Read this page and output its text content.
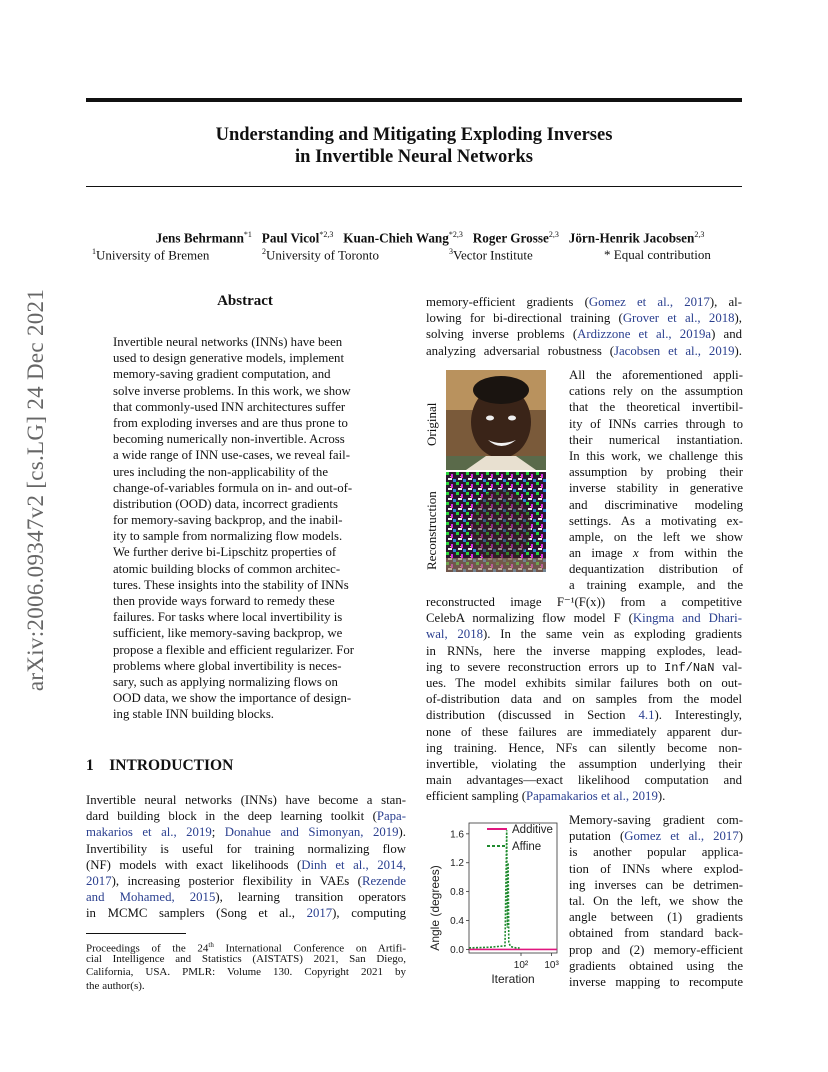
arXiv:2006.09347v2 [cs.LG] 24 Dec 2021
Understanding and Mitigating Exploding Inverses
in Invertible Neural Networks
Jens Behrmann$^{*1}$ Paul Vicol$^{*2,3}$ Kuan-Chieh Wang$^{*2,3}$ Roger Grosse$^{2,3}$ Jörn-Henrik Jacobsen$^{2,3}$
$^1$University of Bremen	$^2$University of Toronto	$^3$Vector Institute	* Equal contribution
Abstract
Invertible neural networks (INNs) have been
used to design generative models, implement
memory-saving gradient computation, and
solve inverse problems. In this work, we show
that commonly-used INN architectures suffer
from exploding inverses and are thus prone to
becoming numerically non-invertible. Across
a wide range of INN use-cases, we reveal fail-
ures including the non-applicability of the
change-of-variables formula on in- and out-of-
distribution (OOD) data, incorrect gradients
for memory-saving backprop, and the inabil-
ity to sample from normalizing flow models.
We further derive bi-Lipschitz properties of
atomic building blocks of common architec-
tures. These insights into the stability of INNs
then provide ways forward to remedy these
failures. For tasks where local invertibility is
sufficient, like memory-saving backprop, we
propose a flexible and efficient regularizer. For
problems where global invertibility is neces-
sary, such as applying normalizing flows on
OOD data, we show the importance of design-
ing stable INN building blocks.
1 INTRODUCTION
Invertible neural networks (INNs) have become a stan-
dard building block in the deep learning toolkit (Papa-
makarios et al., 2019; Donahue and Simonyan, 2019).
Invertibility is useful for training normalizing flow
(NF) models with exact likelihoods (Dinh et al., 2014,
2017), increasing posterior flexibility in VAEs (Rezende
and Mohamed, 2015), learning transition operators
in MCMC samplers (Song et al., 2017), computing
Proceedings of the 24th International Conference on Artifi-
cial Intelligence and Statistics (AISTATS) 2021, San Diego,
California, USA. PMLR: Volume 130. Copyright 2021 by
the author(s).
memory-efficient gradients (Gomez et al., 2017), al-
lowing for bi-directional training (Grover et al., 2018),
solving inverse problems (Ardizzone et al., 2019a) and
analyzing adversarial robustness (Jacobsen et al., 2019).
Original
Reconstruction
All the aforementioned appli-
cations rely on the assumption
that the theoretical invertibil-
ity of INNs carries through to
their numerical instantiation.
In this work, we challenge this
assumption by probing their
inverse stability in generative
and discriminative modeling
settings. As a motivating ex-
ample, on the left we show
an image x from within the
dequantization distribution of
a training example, and the
reconstructed image F⁻¹(F(x)) from a competitive
CelebA normalizing flow model F (Kingma and Dhari-
wal, 2018). In the same vein as exploding gradients
in RNNs, here the inverse mapping explodes, lead-
ing to severe reconstruction errors up to Inf/NaN val-
ues. The model exhibits similar failures both on out-
of-distribution data and on samples from the model
distribution (discussed in Section 4.1). Interestingly,
none of these failures are immediately apparent dur-
ing training. Hence, NFs can silently become non-
invertible, violating the assumption underlying their
main advantages—exact likelihood computation and
efficient sampling (Papamakarios et al., 2019).
0.0
0.4
0.8
1.2
1.6
10² 10³
Iteration
Angle (degrees)
Additive
Affine
Memory-saving gradient com-
putation (Gomez et al., 2017)
is another popular applica-
tion of INNs where explod-
ing inverses can be detrimen-
tal. On the left, we show the
angle between (1) gradients
obtained from standard back-
prop and (2) memory-efficient
gradients obtained using the
inverse mapping to recompute
